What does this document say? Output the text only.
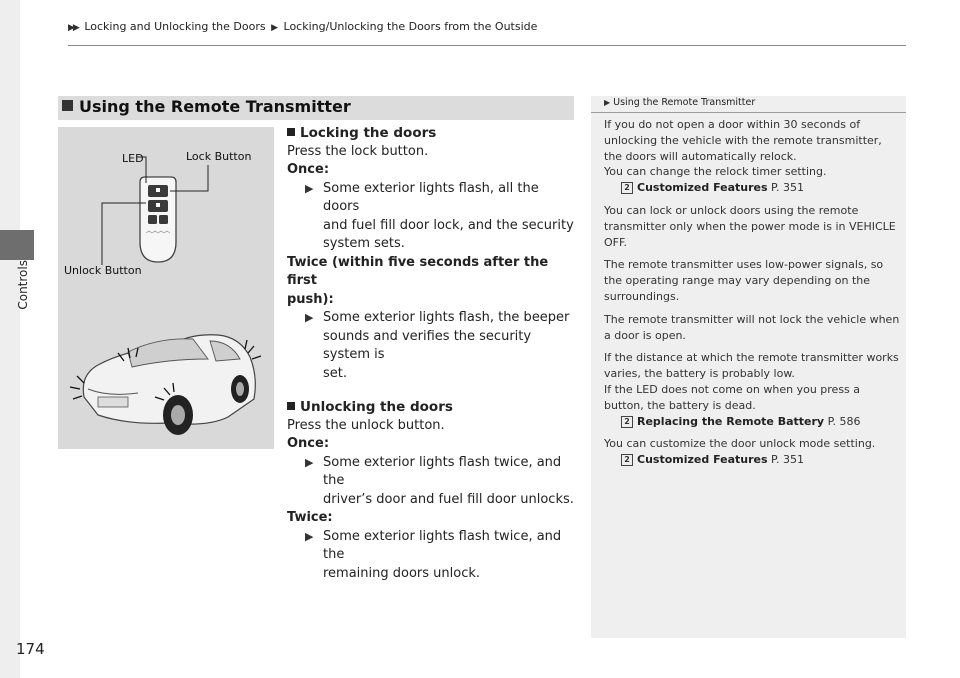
Controls
174
▶▶ Locking and Unlocking the Doors ▶ Locking/Unlocking the Doors from the Outside
Using the Remote Transmitter
LED	Lock Button
Unlock Button

Locking the doors

Press the lock button.

Once:

▶ Some exterior lights flash, all the doors

and fuel fill door lock, and the security

system sets.

Twice (within five seconds after the first

push):

▶ Some exterior lights flash, the beeper

sounds and verifies the security system is

set.

Unlocking the doors

Press the unlock button.

Once:

▶ Some exterior lights flash twice, and the

driver’s door and fuel fill door unlocks.

Twice:

▶ Some exterior lights flash twice, and the

remaining doors unlock.

▶ Using the Remote Transmitter

If you do not open a door within 30 seconds of

unlocking the vehicle with the remote transmitter,

the doors will automatically relock.

You can change the relock timer setting.

2 Customized Features P. 351

You can lock or unlock doors using the remote

transmitter only when the power mode is in VEHICLE

OFF.

The remote transmitter uses low-power signals, so

the operating range may vary depending on the

surroundings.

The remote transmitter will not lock the vehicle when

a door is open.

If the distance at which the remote transmitter works

varies, the battery is probably low.

If the LED does not come on when you press a

button, the battery is dead.

2 Replacing the Remote Battery P. 586

You can customize the door unlock mode setting.

2 Customized Features P. 351
